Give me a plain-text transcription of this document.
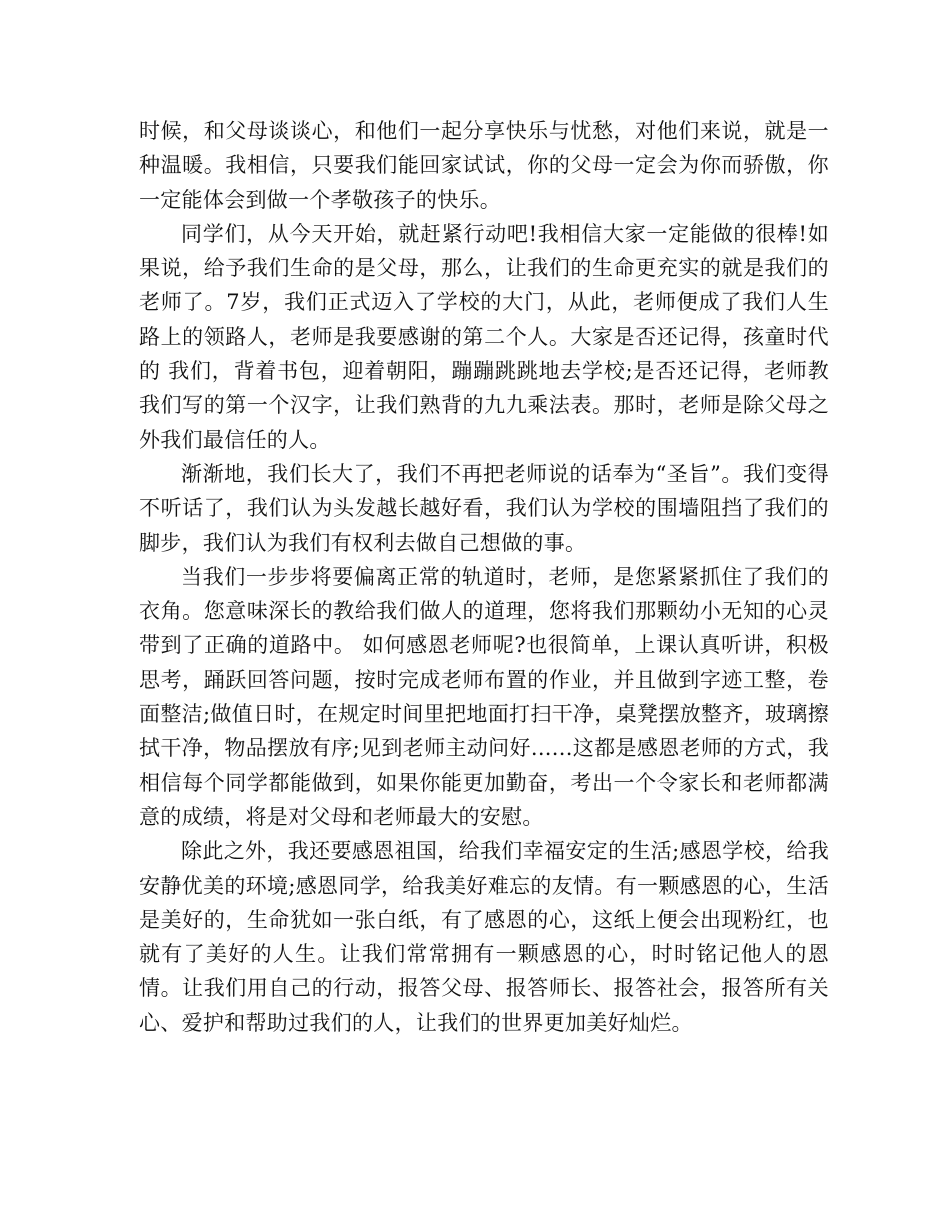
时候，和父母谈谈心，和他们一起分享快乐与忧愁，对他们来说，就是一种温暖。我相信，只要我们能回家试试，你的父母一定会为你而骄傲，你一定能体会到做一个孝敬孩子的快乐。

同学们，从今天开始，就赶紧行动吧!我相信大家一定能做的很棒!如果说，给予我们生命的是父母，那么，让我们的生命更充实的就是我们的老师了。7岁，我们正式迈入了学校的大门，从此，老师便成了我们人生路上的领路人，老师是我要感谢的第二个人。大家是否还记得，孩童时代的 我们，背着书包，迎着朝阳，蹦蹦跳跳地去学校;是否还记得，老师教我们写的第一个汉字，让我们熟背的九九乘法表。那时，老师是除父母之外我们最信任的人。

渐渐地，我们长大了，我们不再把老师说的话奉为“圣旨”。我们变得不听话了，我们认为头发越长越好看，我们认为学校的围墙阻挡了我们的脚步，我们认为我们有权利去做自己想做的事。

当我们一步步将要偏离正常的轨道时，老师，是您紧紧抓住了我们的衣角。您意味深长的教给我们做人的道理，您将我们那颗幼小无知的心灵带到了正确的道路中。 如何感恩老师呢?也很简单，上课认真听讲，积极思考，踊跃回答问题，按时完成老师布置的作业，并且做到字迹工整，卷面整洁;做值日时，在规定时间里把地面打扫干净，桌凳摆放整齐，玻璃擦拭干净，物品摆放有序;见到老师主动问好......这都是感恩老师的方式，我相信每个同学都能做到，如果你能更加勤奋，考出一个令家长和老师都满意的成绩，将是对父母和老师最大的安慰。

除此之外，我还要感恩祖国，给我们幸福安定的生活;感恩学校，给我安静优美的环境;感恩同学，给我美好难忘的友情。有一颗感恩的心，生活是美好的，生命犹如一张白纸，有了感恩的心，这纸上便会出现粉红，也就有了美好的人生。让我们常常拥有一颗感恩的心，时时铭记他人的恩情。让我们用自己的行动，报答父母、报答师长、报答社会，报答所有关心、爱护和帮助过我们的人，让我们的世界更加美好灿烂。
